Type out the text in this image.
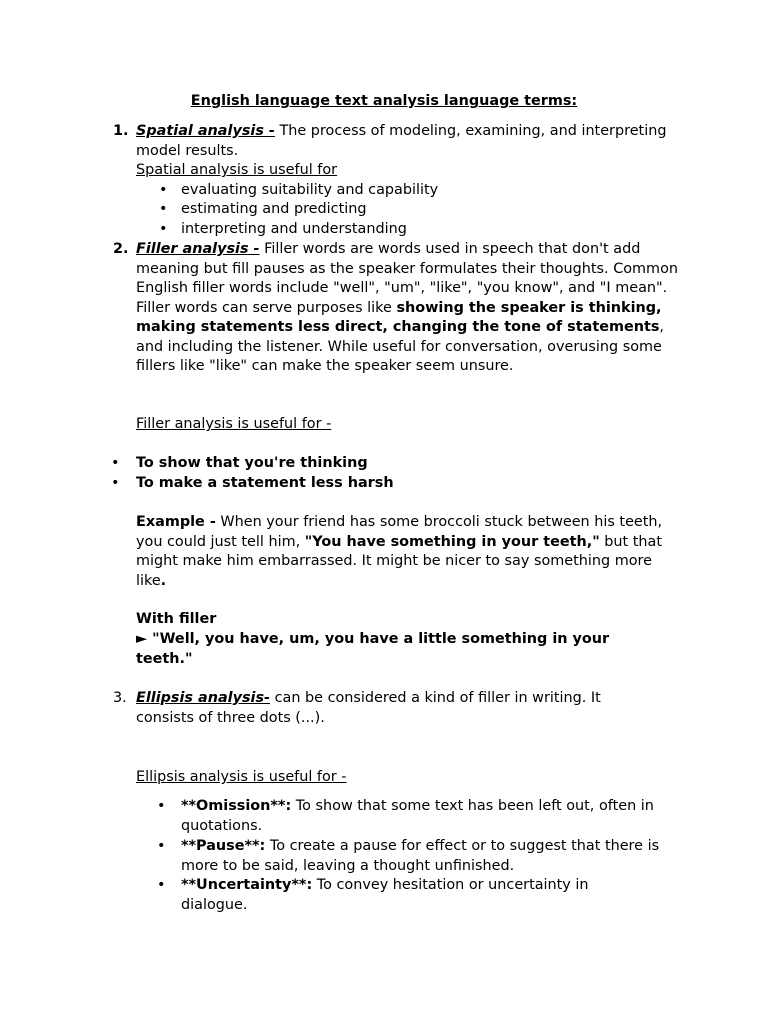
English language text analysis language terms:
1. Spatial analysis - The process of modeling, examining, and interpreting model results.
Spatial analysis is useful for
• evaluating suitability and capability
• estimating and predicting
• interpreting and understanding
2. Filler analysis - Filler words are words used in speech that don't add meaning but fill pauses as the speaker formulates their thoughts. Common English filler words include "well", "um", "like", "you know", and "I mean". Filler words can serve purposes like showing the speaker is thinking, making statements less direct, changing the tone of statements, and including the listener. While useful for conversation, overusing some fillers like "like" can make the speaker seem unsure.
Filler analysis is useful for -
• To show that you're thinking
• To make a statement less harsh
Example - When your friend has some broccoli stuck between his teeth, you could just tell him, "You have something in your teeth," but that might make him embarrassed. It might be nicer to say something more like.
With filler
► "Well, you have, um, you have a little something in your teeth."
3. Ellipsis analysis- can be considered a kind of filler in writing. It consists of three dots (...).
Ellipsis analysis is useful for -
• **Omission**: To show that some text has been left out, often in quotations.
• **Pause**: To create a pause for effect or to suggest that there is more to be said, leaving a thought unfinished.
• **Uncertainty**: To convey hesitation or uncertainty in dialogue.
